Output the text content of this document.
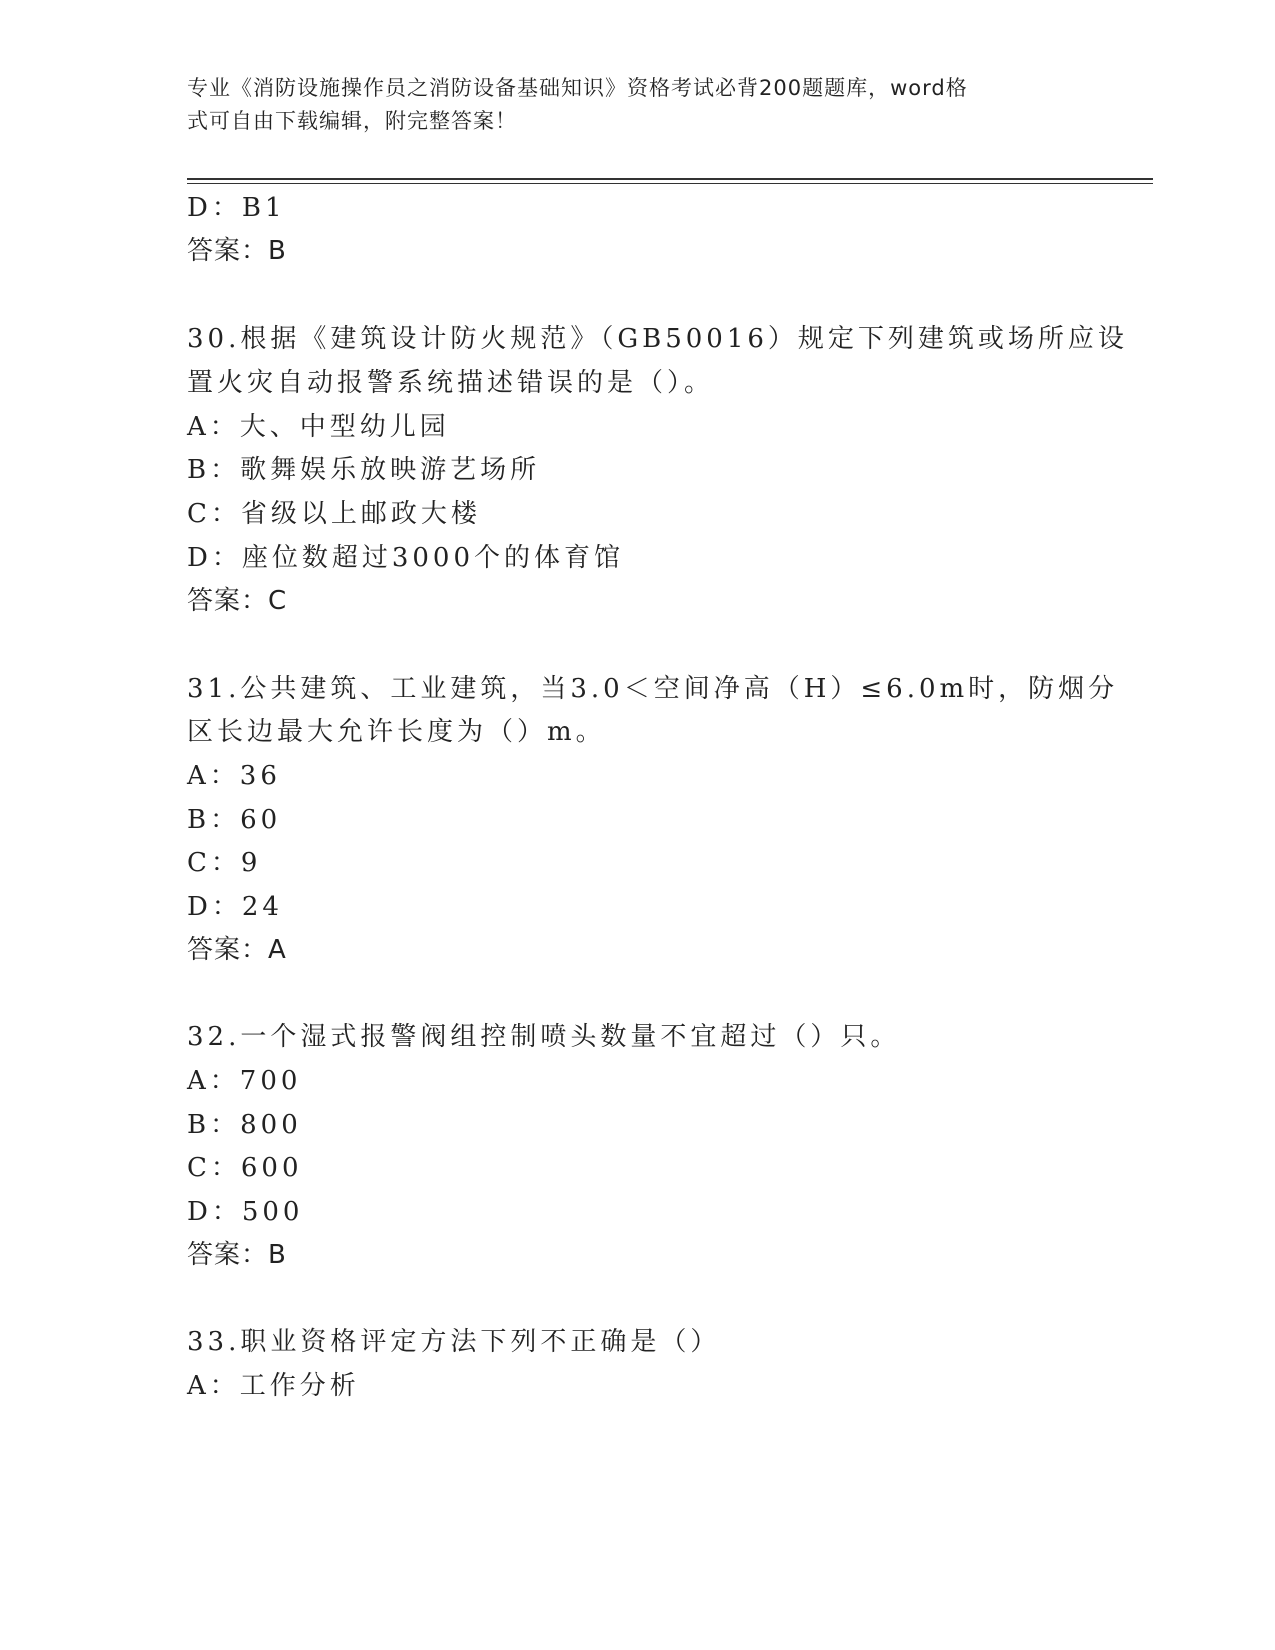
专业《消防设施操作员之消防设备基础知识》资格考试必背200题题库，word格
式可自由下载编辑，附完整答案！
D：B1
答案：B
30.根据《建筑设计防火规范》（GB50016）规定下列建筑或场所应设
置火灾自动报警系统描述错误的是（）。
A：大、中型幼儿园
B：歌舞娱乐放映游艺场所
C：省级以上邮政大楼
D：座位数超过3000个的体育馆
答案：C
31.公共建筑、工业建筑，当3.0＜空间净高（H）≤6.0m时，防烟分
区长边最大允许长度为（）m。
A：36
B：60
C：9
D：24
答案：A
32.一个湿式报警阀组控制喷头数量不宜超过（）只。
A：700
B：800
C：600
D：500
答案：B
33.职业资格评定方法下列不正确是（）
A：工作分析
